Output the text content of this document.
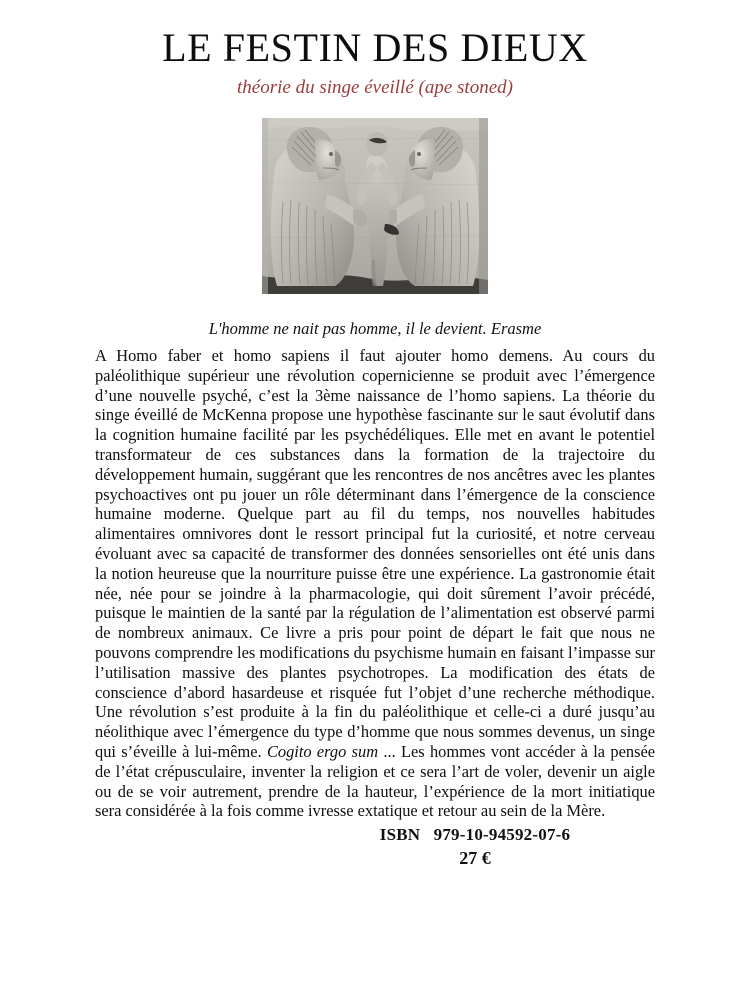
LE FESTIN DES DIEUX

théorie du singe éveillé (ape stoned)

L'homme ne nait pas homme, il le devient. Erasme

A Homo faber et homo sapiens il faut ajouter homo demens. Au cours du paléolithique supérieur une révolution copernicienne se produit avec l’émergence d’une nouvelle psyché, c’est la 3ème naissance de l’homo sapiens. La théorie du singe éveillé de McKenna propose une hypothèse fascinante sur le saut évolutif dans la cognition humaine facilité par les psychédéliques. Elle met en avant le potentiel transformateur de ces substances dans la formation de la trajectoire du développement humain, suggérant que les rencontres de nos ancêtres avec les plantes psychoactives ont pu jouer un rôle déterminant dans l’émergence de la conscience humaine moderne. Quelque part au fil du temps, nos nouvelles habitudes alimentaires omnivores dont le ressort principal fut la curiosité, et notre cerveau évoluant avec sa capacité de transformer des données sensorielles ont été unis dans la notion heureuse que la nourriture puisse être une expérience. La gastronomie était née, née pour se joindre à la pharmacologie, qui doit sûrement l’avoir précédé, puisque le maintien de la santé par la régulation de l’alimentation est observé parmi de nombreux animaux. Ce livre a pris pour point de départ le fait que nous ne pouvons comprendre les modifications du psychisme humain en faisant l’impasse sur l’utilisation massive des plantes psychotropes. La modification des états de conscience d’abord hasardeuse et risquée fut l’objet d’une recherche méthodique. Une révolution s’est produite à la fin du paléolithique et celle-ci a duré jusqu’au néolithique avec l’émergence du type d’homme que nous sommes devenus, un singe qui s’éveille à lui-même. Cogito ergo sum ... Les hommes vont accéder à la pensée de l’état crépusculaire, inventer la religion et ce sera l’art de voler, devenir un aigle ou de se voir autrement, prendre de la hauteur, l’expérience de la mort initiatique sera considérée à la fois comme ivresse extatique et retour au sein de la Mère.
ISBN 979-10-94592-07-6
27 €
